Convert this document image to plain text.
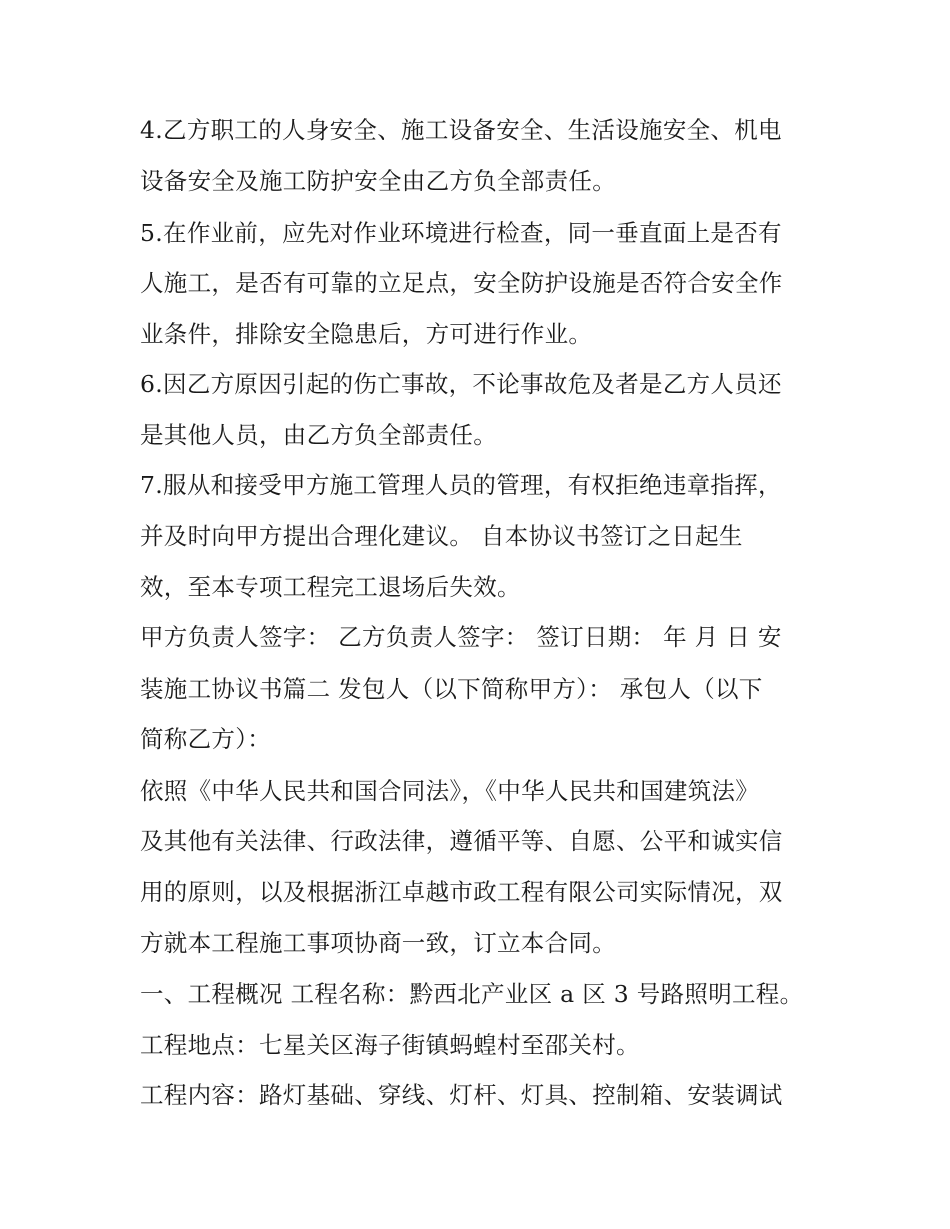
4.乙方职工的人身安全、施工设备安全、生活设施安全、机电
设备安全及施工防护安全由乙方负全部责任。
5.在作业前，应先对作业环境进行检查，同一垂直面上是否有
人施工，是否有可靠的立足点，安全防护设施是否符合安全作
业条件，排除安全隐患后，方可进行作业。
6.因乙方原因引起的伤亡事故，不论事故危及者是乙方人员还
是其他人员，由乙方负全部责任。
7.服从和接受甲方施工管理人员的管理，有权拒绝违章指挥，
并及时向甲方提出合理化建议。 自本协议书签订之日起生
效，至本专项工程完工退场后失效。
甲方负责人签字： 乙方负责人签字： 签订日期： 年 月 日 安
装施工协议书篇二 发包人（以下简称甲方）： 承包人（以下
简称乙方）：
依照《中华人民共和国合同法》，《中华人民共和国建筑法》
及其他有关法律、行政法律，遵循平等、自愿、公平和诚实信
用的原则，以及根据浙江卓越市政工程有限公司实际情况，双
方就本工程施工事项协商一致，订立本合同。
一、工程概况 工程名称：黔西北产业区 a 区 3 号路照明工程。
工程地点：七星关区海子街镇蚂蝗村至邵关村。
工程内容：路灯基础、穿线、灯杆、灯具、控制箱、安装调试
